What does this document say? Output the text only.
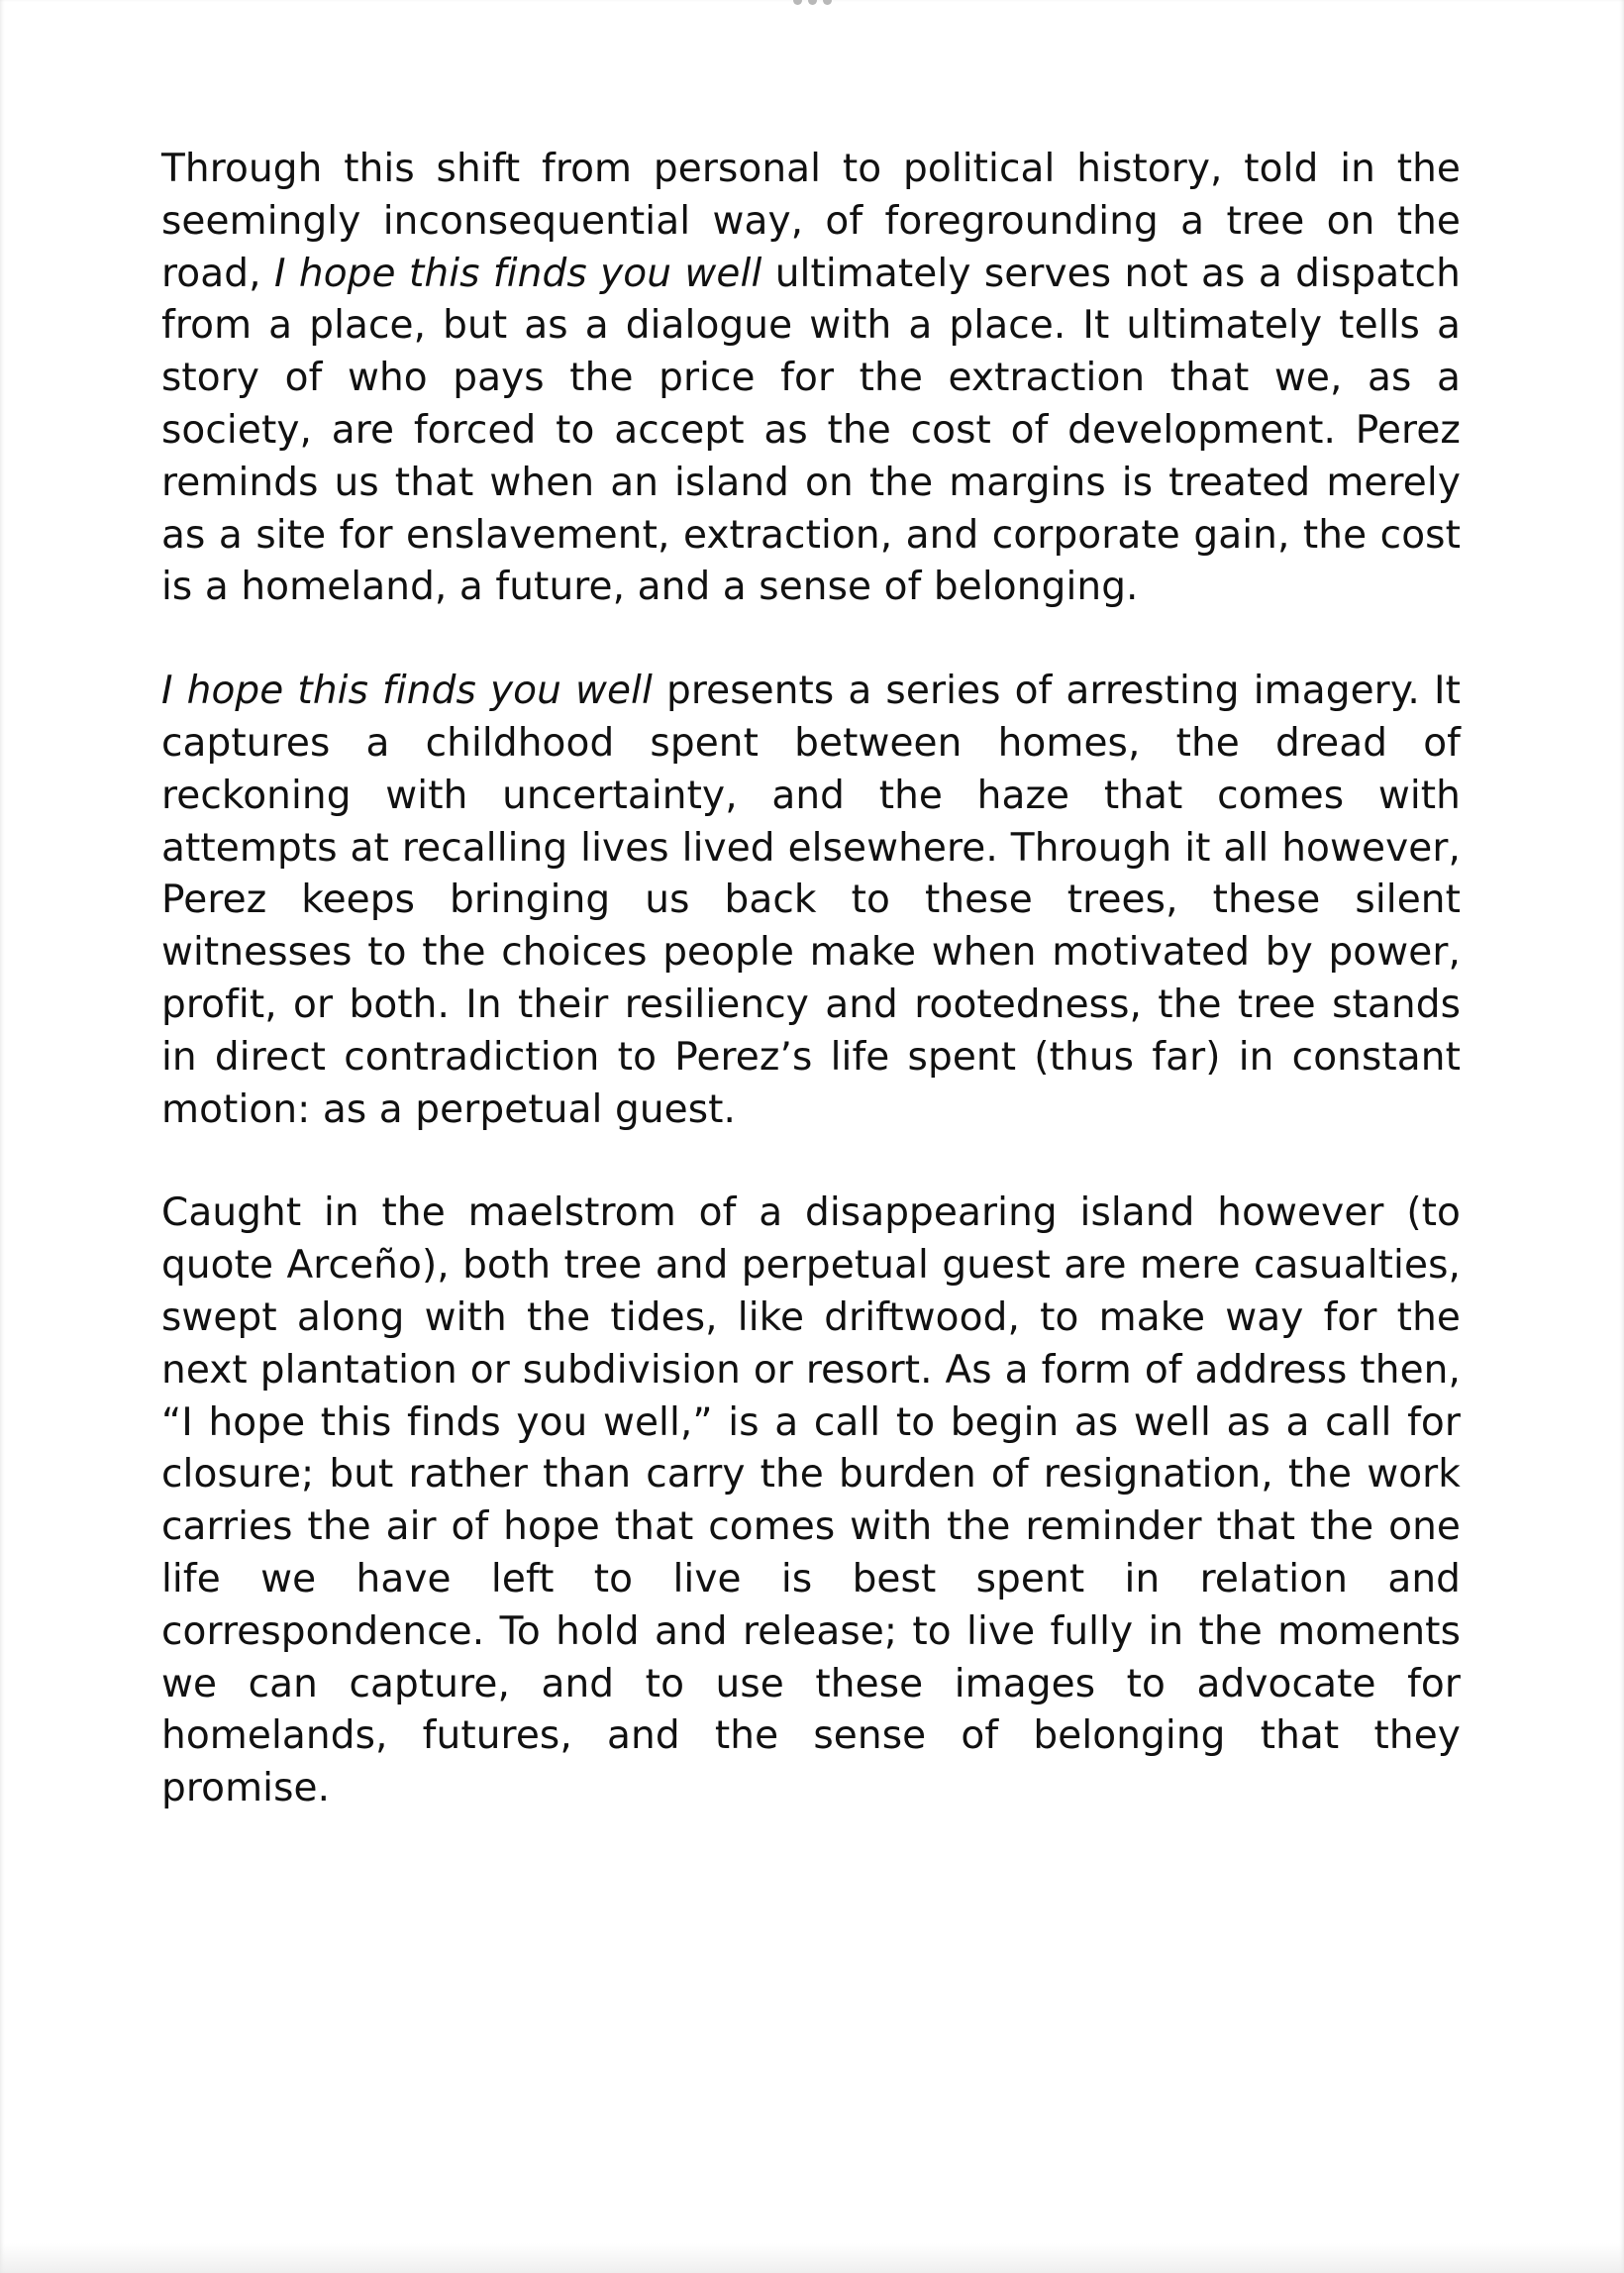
Through this shift from personal to political history, told in the seemingly inconsequential way, of foregrounding a tree on the road, I hope this finds you well ultimately serves not as a dispatch from a place, but as a dialogue with a place. It ultimately tells a story of who pays the price for the extraction that we, as a society, are forced to accept as the cost of development. Perez reminds us that when an island on the margins is treated merely as a site for enslavement, extraction, and corporate gain, the cost is a homeland, a future, and a sense of belonging.

I hope this finds you well presents a series of arresting imagery. It captures a childhood spent between homes, the dread of reckoning with uncertainty, and the haze that comes with attempts at recalling lives lived elsewhere. Through it all however, Perez keeps bringing us back to these trees, these silent witnesses to the choices people make when motivated by power, profit, or both. In their resiliency and rootedness, the tree stands in direct contradiction to Perez’s life spent (thus far) in constant motion: as a perpetual guest.

Caught in the maelstrom of a disappearing island however (to quote Arceño), both tree and perpetual guest are mere casualties, swept along with the tides, like driftwood, to make way for the next plantation or subdivision or resort. As a form of address then, “I hope this finds you well,” is a call to begin as well as a call for closure; but rather than carry the burden of resignation, the work carries the air of hope that comes with the reminder that the one life we have left to live is best spent in relation and correspondence. To hold and release; to live fully in the moments we can capture, and to use these images to advocate for homelands, futures, and the sense of belonging that they promise.
